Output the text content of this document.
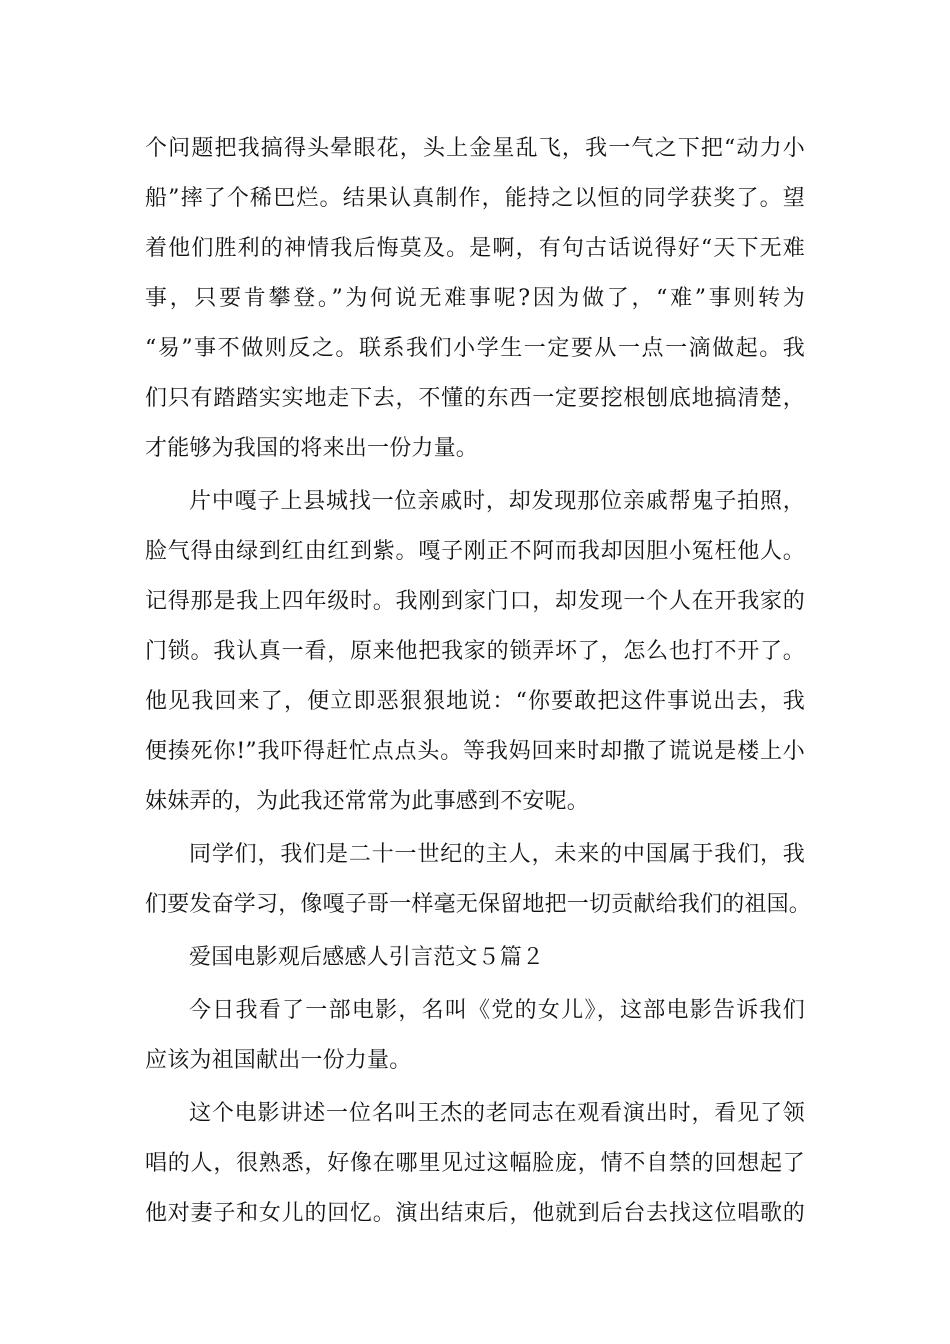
个问题把我搞得头晕眼花，头上金星乱飞，我一气之下把“动力小
船”摔了个稀巴烂。结果认真制作，能持之以恒的同学获奖了。望
着他们胜利的神情我后悔莫及。是啊，有句古话说得好“天下无难
事，只要肯攀登。”为何说无难事呢?因为做了，“难”事则转为
“易”事不做则反之。联系我们小学生一定要从一点一滴做起。我
们只有踏踏实实地走下去，不懂的东西一定要挖根刨底地搞清楚，
才能够为我国的将来出一份力量。
片中嘎子上县城找一位亲戚时，却发现那位亲戚帮鬼子拍照，
脸气得由绿到红由红到紫。嘎子刚正不阿而我却因胆小冤枉他人。
记得那是我上四年级时。我刚到家门口，却发现一个人在开我家的
门锁。我认真一看，原来他把我家的锁弄坏了，怎么也打不开了。
他见我回来了，便立即恶狠狠地说：“你要敢把这件事说出去，我
便揍死你!”我吓得赶忙点点头。等我妈回来时却撒了谎说是楼上小
妹妹弄的，为此我还常常为此事感到不安呢。
同学们，我们是二十一世纪的主人，未来的中国属于我们，我
们要发奋学习，像嘎子哥一样毫无保留地把一切贡献给我们的祖国。
爱国电影观后感感人引言范文５篇２
今日我看了一部电影，名叫《党的女儿》，这部电影告诉我们
应该为祖国献出一份力量。
这个电影讲述一位名叫王杰的老同志在观看演出时，看见了领
唱的人，很熟悉，好像在哪里见过这幅脸庞，情不自禁的回想起了
他对妻子和女儿的回忆。演出结束后，他就到后台去找这位唱歌的
